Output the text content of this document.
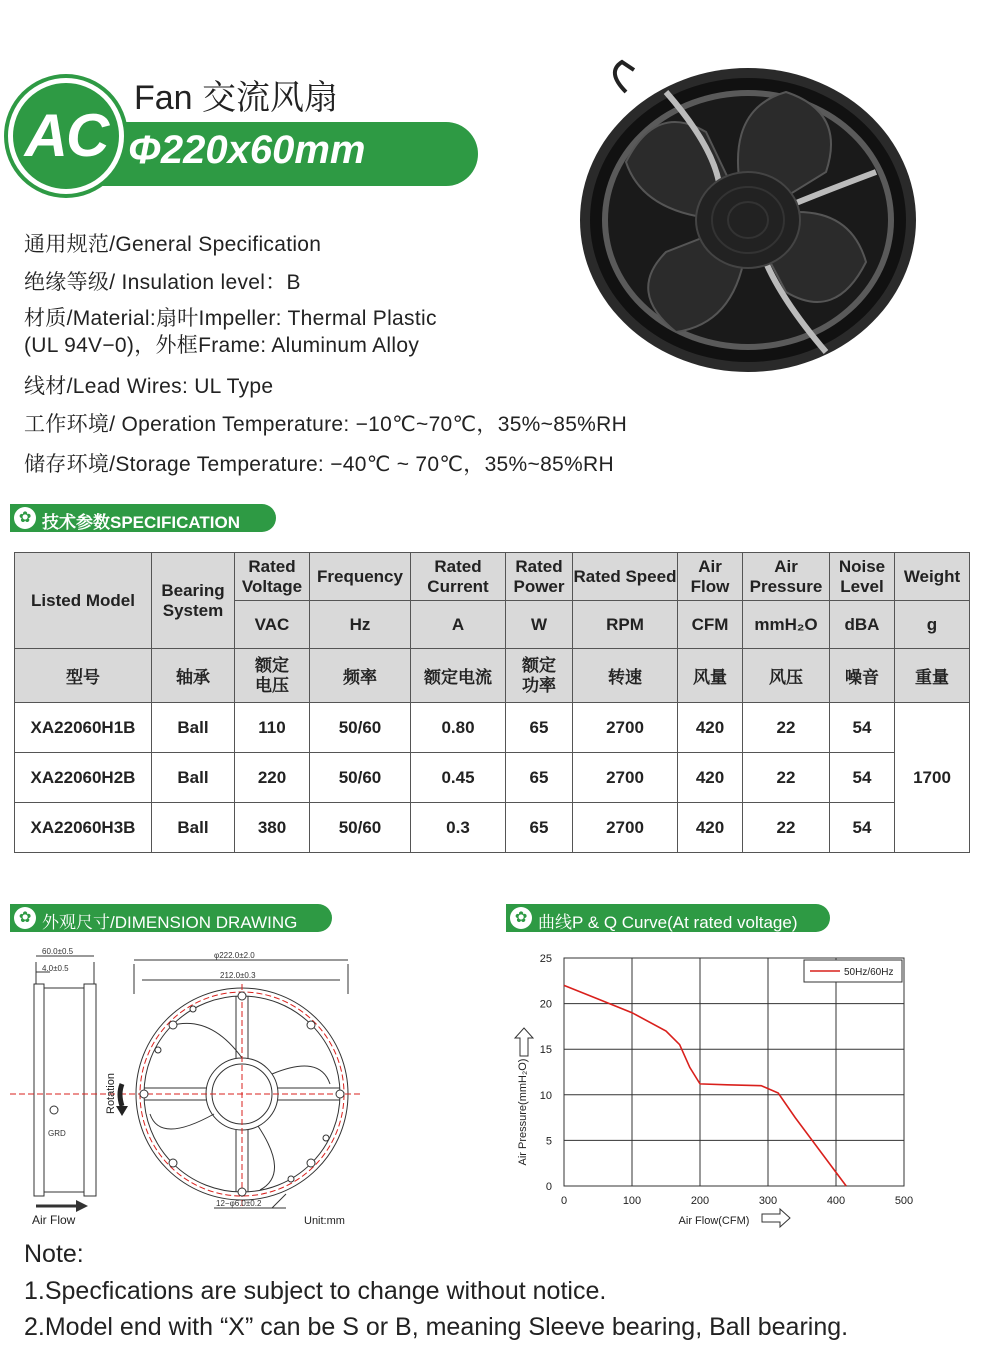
Φ220x60mm
AC
Fan 交流风扇
通用规范/General Specification
绝缘等级/ Insulation level：B
材质/Material:扇叶Impeller: Thermal Plastic
(UL 94V−0)，外框Frame: Aluminum Alloy
线材/Lead Wires: UL Type
工作环境/ Operation Temperature: −10℃~70℃，35%~85%RH
储存环境/Storage Temperature: −40℃ ~ 70℃，35%~85%RH
✿ 技术参数SPECIFICATION
Listed Model	Bearing System	Rated Voltage	Frequency	Rated Current	Rated Power	Rated Speed	Air Flow	Air Pressure	Noise Level	Weight
		VAC	Hz	A	W	RPM	CFM	mmH₂O	dBA	g
型号	轴承	额定电压	频率	额定电流	额定功率	转速	风量	风压	噪音	重量
XA22060H1B	Ball	110	50/60	0.80	65	2700	420	22	54	1700
XA22060H2B	Ball	220	50/60	0.45	65	2700	420	22	54	
XA22060H3B	Ball	380	50/60	0.3	65	2700	420	22	54	
✿ 外观尺寸/DIMENSION DRAWING
GRD
60.0±0.5
4.0±0.5
Air Flow
Rotation
φ222.0±2.0
212.0±0.3
12−φ6.0±0.2
Unit:mm
✿ 曲线P & Q Curve(At rated voltage)
0	100	200	300	400	500
0
5
10
15
20
25
50Hz/60Hz
Air Flow(CFM)
Air Pressure(mmH₂O)
Note:
1.Specfications are subject to change without notice.
2.Model end with “X” can be S or B, meaning Sleeve bearing, Ball bearing.
